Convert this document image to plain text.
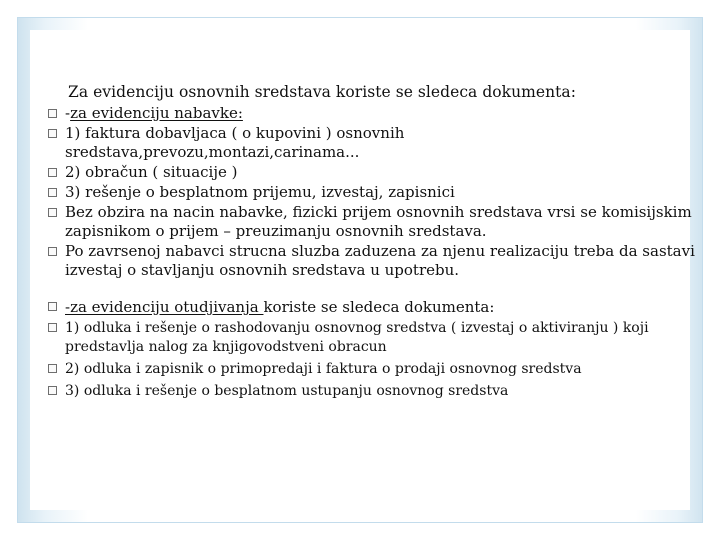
Za evidenciju osnovnih sredstava koriste se sledeca dokumenta:
-za evidenciju nabavke:
1) faktura dobavljaca ( o kupovini ) osnovnih sredstava,prevozu,montazi,carinama...
2) obračun ( situacije )
3) rešenje o besplatnom prijemu, izvestaj, zapisnici
Bez obzira na nacin nabavke, fizicki prijem osnovnih sredstava vrsi se komisijskim zapisnikom o prijem – preuzimanju osnovnih sredstava.
Po zavrsenoj nabavci strucna sluzba zaduzena za njenu realizaciju treba da sastavi izvestaj o stavljanju osnovnih sredstava u upotrebu.
-za evidenciju otudjivanja koriste se sledeca dokumenta:
1) odluka i rešenje o rashodovanju osnovnog sredstva ( izvestaj o aktiviranju ) koji predstavlja nalog za knjigovodstveni obracun
2) odluka i zapisnik o primopredaji i faktura o prodaji osnovnog sredstva
3) odluka i rešenje o besplatnom ustupanju osnovnog sredstva
